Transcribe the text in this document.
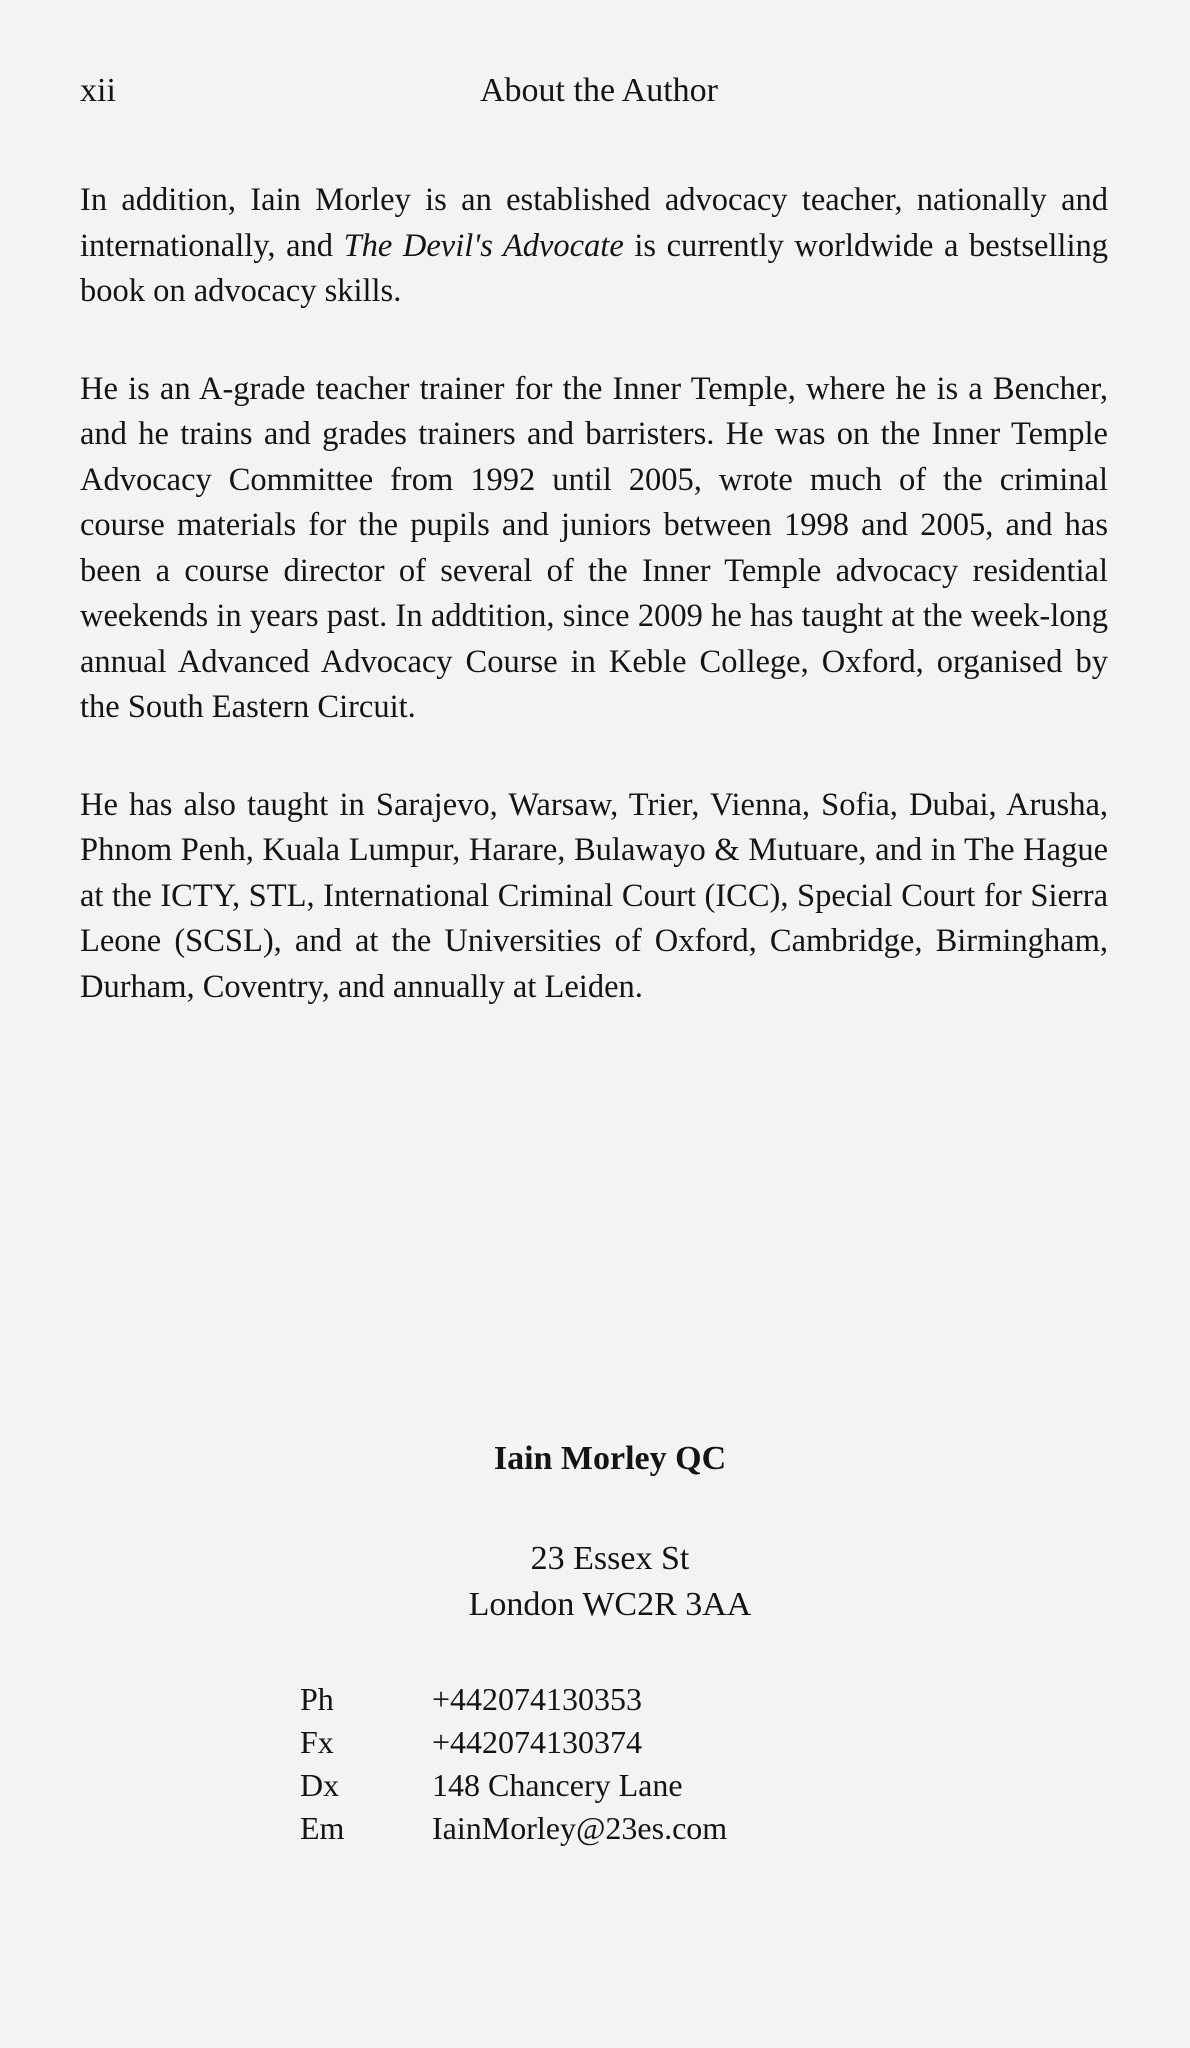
xii	About the Author

In addition, Iain Morley is an established advocacy teacher, nationally and internationally, and The Devil's Advocate is currently worldwide a bestselling book on advocacy skills.

He is an A-grade teacher trainer for the Inner Temple, where he is a Bencher, and he trains and grades trainers and barristers. He was on the Inner Temple Advocacy Committee from 1992 until 2005, wrote much of the criminal course materials for the pupils and juniors between 1998 and 2005, and has been a course director of several of the Inner Temple advocacy residential weekends in years past. In addtition, since 2009 he has taught at the week-long annual Advanced Advocacy Course in Keble College, Oxford, organised by the South Eastern Circuit.

He has also taught in Sarajevo, Warsaw, Trier, Vienna, Sofia, Dubai, Arusha, Phnom Penh, Kuala Lumpur, Harare, Bulawayo & Mutuare, and in The Hague at the ICTY, STL, International Criminal Court (ICC), Special Court for Sierra Leone (SCSL), and at the Universities of Oxford, Cambridge, Birmingham, Durham, Coventry, and annually at Leiden.

Iain Morley QC
23 Essex St
London WC2R 3AA
Ph	+442074130353
Fx	+442074130374
Dx	148 Chancery Lane
Em	IainMorley@23es.com
